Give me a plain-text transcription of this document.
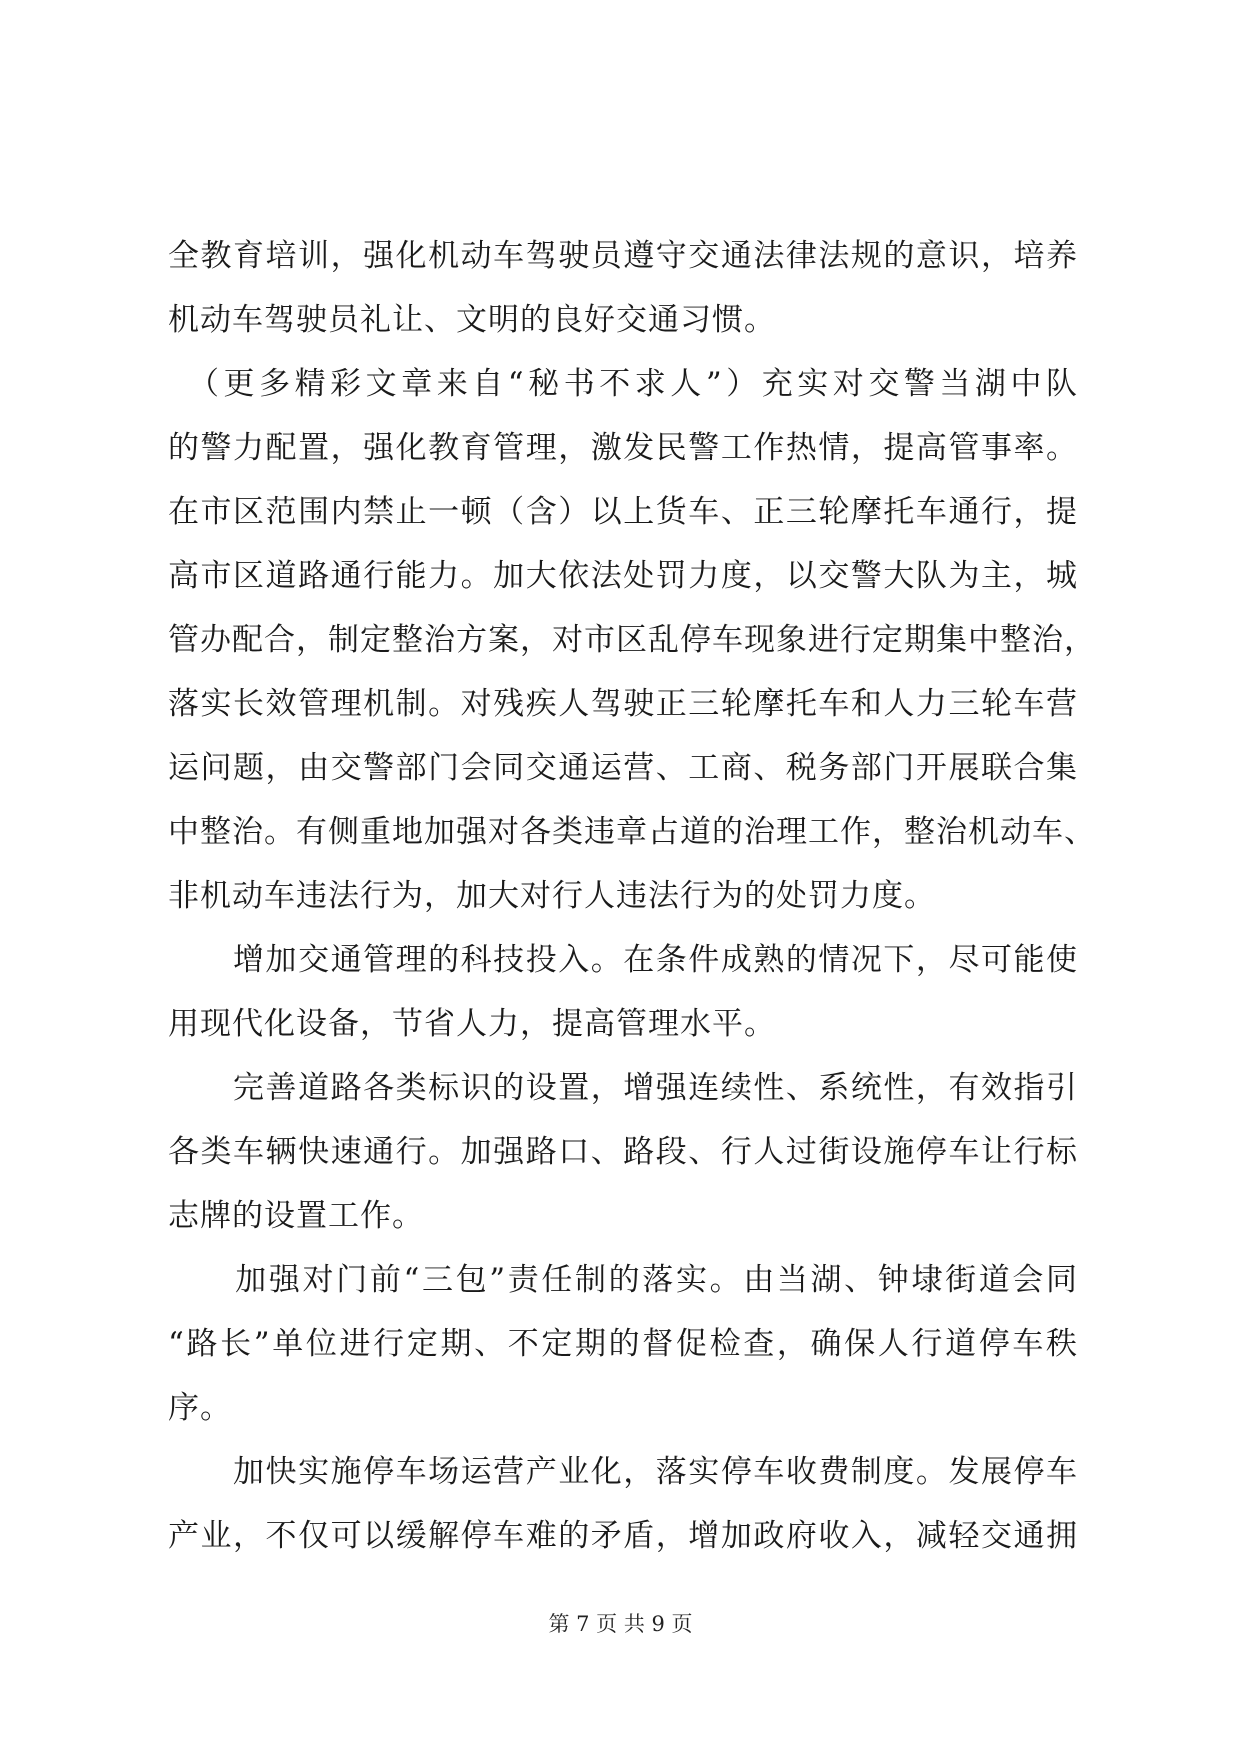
全教育培训，强化机动车驾驶员遵守交通法律法规的意识，培养
机动车驾驶员礼让、文明的良好交通习惯。
　（更多精彩文章来自“秘书不求人”）充实对交警当湖中队
的警力配置，强化教育管理，激发民警工作热情，提高管事率。
在市区范围内禁止一顿（含）以上货车、正三轮摩托车通行，提
高市区道路通行能力。加大依法处罚力度，以交警大队为主，城
管办配合，制定整治方案，对市区乱停车现象进行定期集中整治，
落实长效管理机制。对残疾人驾驶正三轮摩托车和人力三轮车营
运问题，由交警部门会同交通运营、工商、税务部门开展联合集
中整治。有侧重地加强对各类违章占道的治理工作，整治机动车、
非机动车违法行为，加大对行人违法行为的处罚力度。
　　增加交通管理的科技投入。在条件成熟的情况下，尽可能使
用现代化设备，节省人力，提高管理水平。
　　完善道路各类标识的设置，增强连续性、系统性，有效指引
各类车辆快速通行。加强路口、路段、行人过街设施停车让行标
志牌的设置工作。
　　加强对门前“三包”责任制的落实。由当湖、钟埭街道会同
“路长”单位进行定期、不定期的督促检查，确保人行道停车秩
序。
　　加快实施停车场运营产业化，落实停车收费制度。发展停车
产业，不仅可以缓解停车难的矛盾，增加政府收入，减轻交通拥
第 7 页 共 9 页
